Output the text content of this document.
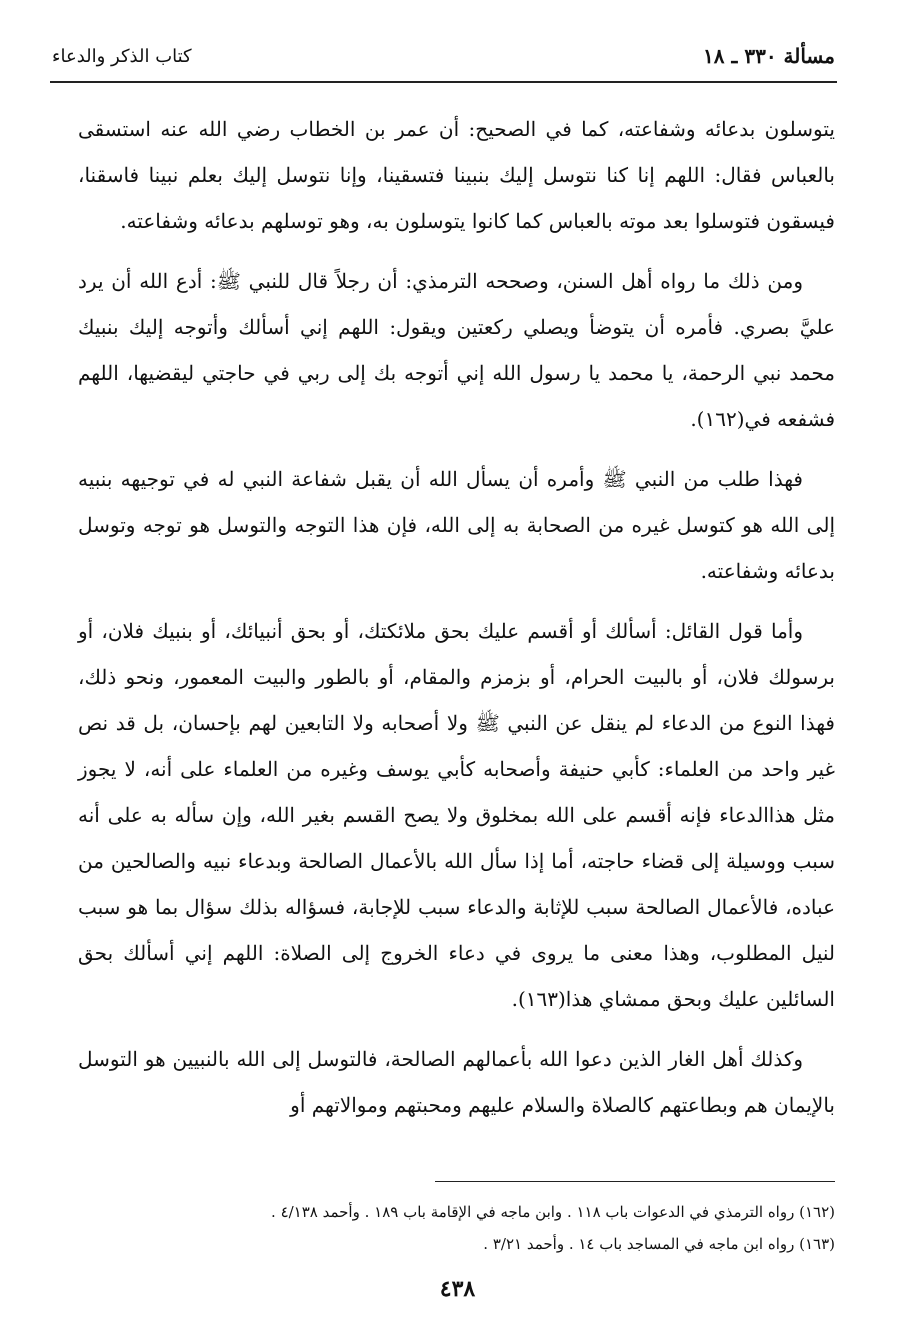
مسألة ٣٣٠ ـ ١٨
كتاب الذكر والدعاء

يتوسلون بدعائه وشفاعته، كما في الصحيح: أن عمر بن الخطاب رضي الله عنه استسقى بالعباس فقال: اللهم إنا كنا نتوسل إليك بنبينا فتسقينا، وإنا نتوسل إليك بعلم نبينا فاسقنا، فيسقون فتوسلوا بعد موته بالعباس كما كانوا يتوسلون به، وهو توسلهم بدعائه وشفاعته.

ومن ذلك ما رواه أهل السنن، وصححه الترمذي: أن رجلاً قال للنبي ﷺ: أدع الله أن يرد عليَّ بصري. فأمره أن يتوضأ ويصلي ركعتين ويقول: اللهم إني أسألك وأتوجه إليك بنبيك محمد نبي الرحمة، يا محمد يا رسول الله إني أتوجه بك إلى ربي في حاجتي ليقضيها، اللهم فشفعه في(١٦٢).

فهذا طلب من النبي ﷺ وأمره أن يسأل الله أن يقبل شفاعة النبي له في توجيهه بنبيه إلى الله هو كتوسل غيره من الصحابة به إلى الله، فإن هذا التوجه والتوسل هو توجه وتوسل بدعائه وشفاعته.

وأما قول القائل: أسألك أو أقسم عليك بحق ملائكتك، أو بحق أنبيائك، أو بنبيك فلان، أو برسولك فلان، أو بالبيت الحرام، أو بزمزم والمقام، أو بالطور والبيت المعمور، ونحو ذلك، فهذا النوع من الدعاء لم ينقل عن النبي ﷺ ولا أصحابه ولا التابعين لهم بإحسان، بل قد نص غير واحد من العلماء: كأبي حنيفة وأصحابه كأبي يوسف وغيره من العلماء على أنه، لا يجوز مثل هذاالدعاء فإنه أقسم على الله بمخلوق ولا يصح القسم بغير الله، وإن سأله به على أنه سبب ووسيلة إلى قضاء حاجته، أما إذا سأل الله بالأعمال الصالحة وبدعاء نبيه والصالحين من عباده، فالأعمال الصالحة سبب للإثابة والدعاء سبب للإجابة، فسؤاله بذلك سؤال بما هو سبب لنيل المطلوب، وهذا معنى ما يروى في دعاء الخروج إلى الصلاة: اللهم إني أسألك بحق السائلين عليك وبحق ممشاي هذا(١٦٣).

وكذلك أهل الغار الذين دعوا الله بأعمالهم الصالحة، فالتوسل إلى الله بالنبيين هو التوسل بالإيمان هم وبطاعتهم كالصلاة والسلام عليهم ومحبتهم وموالاتهم أو

(١٦٢) رواه الترمذي في الدعوات باب ١١٨ . وابن ماجه في الإقامة باب ١٨٩ . وأحمد ٤/١٣٨ .

(١٦٣) رواه ابن ماجه في المساجد باب ١٤ . وأحمد ٣/٢١ .

٤٣٨
